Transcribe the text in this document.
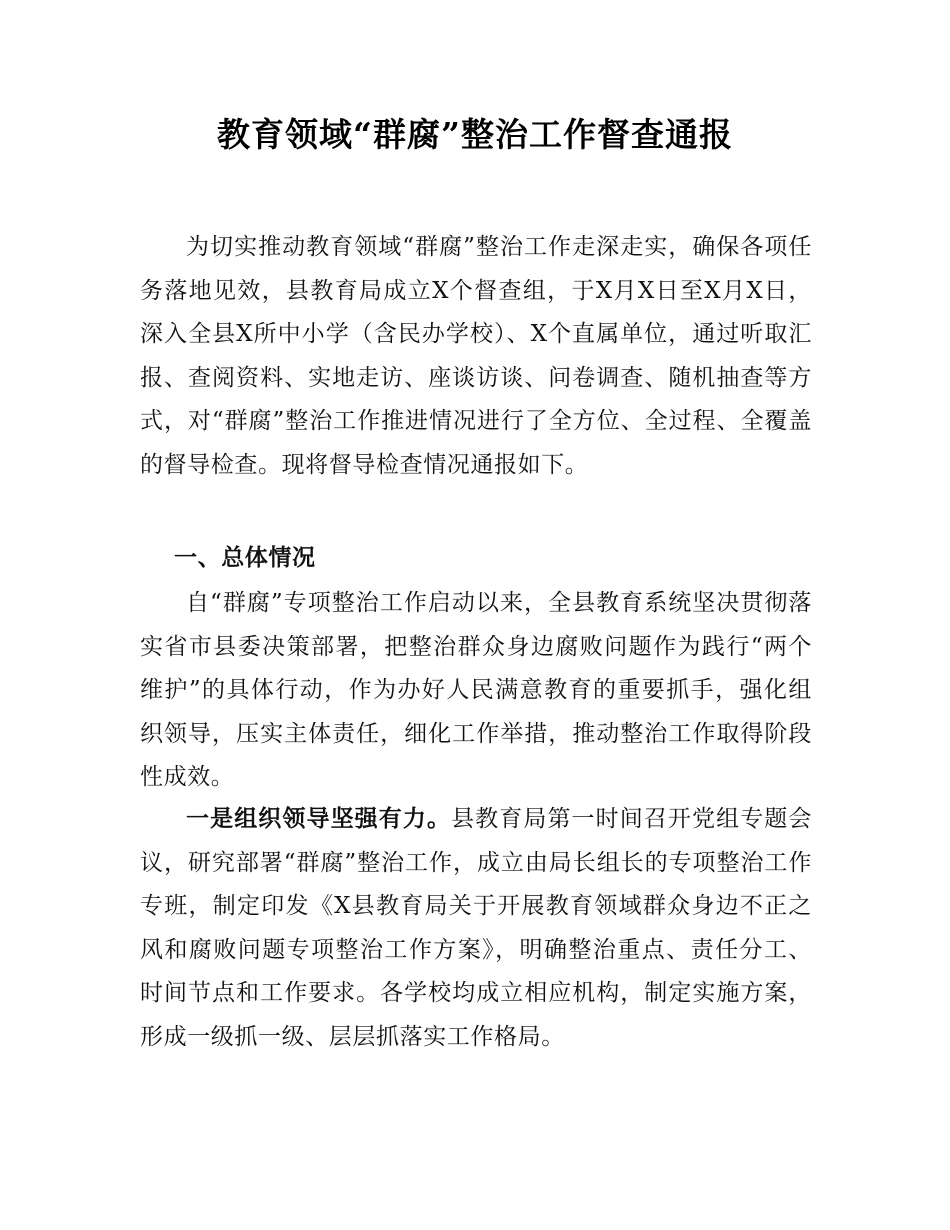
教育领域“群腐”整治工作督查通报

为切实推动教育领域“群腐”整治工作走深走实，确保各项任务落地见效，县教育局成立X个督查组，于X月X日至X月X日，深入全县X所中小学（含民办学校）、X个直属单位，通过听取汇报、查阅资料、实地走访、座谈访谈、问卷调查、随机抽查等方式，对“群腐”整治工作推进情况进行了全方位、全过程、全覆盖的督导检查。现将督导检查情况通报如下。

一、总体情况

自“群腐”专项整治工作启动以来，全县教育系统坚决贯彻落实省市县委决策部署，把整治群众身边腐败问题作为践行“两个维护”的具体行动，作为办好人民满意教育的重要抓手，强化组织领导，压实主体责任，细化工作举措，推动整治工作取得阶段性成效。

一是组织领导坚强有力。县教育局第一时间召开党组专题会议，研究部署“群腐”整治工作，成立由局长组长的专项整治工作专班，制定印发《X县教育局关于开展教育领域群众身边不正之风和腐败问题专项整治工作方案》，明确整治重点、责任分工、时间节点和工作要求。各学校均成立相应机构，制定实施方案，形成一级抓一级、层层抓落实工作格局。
